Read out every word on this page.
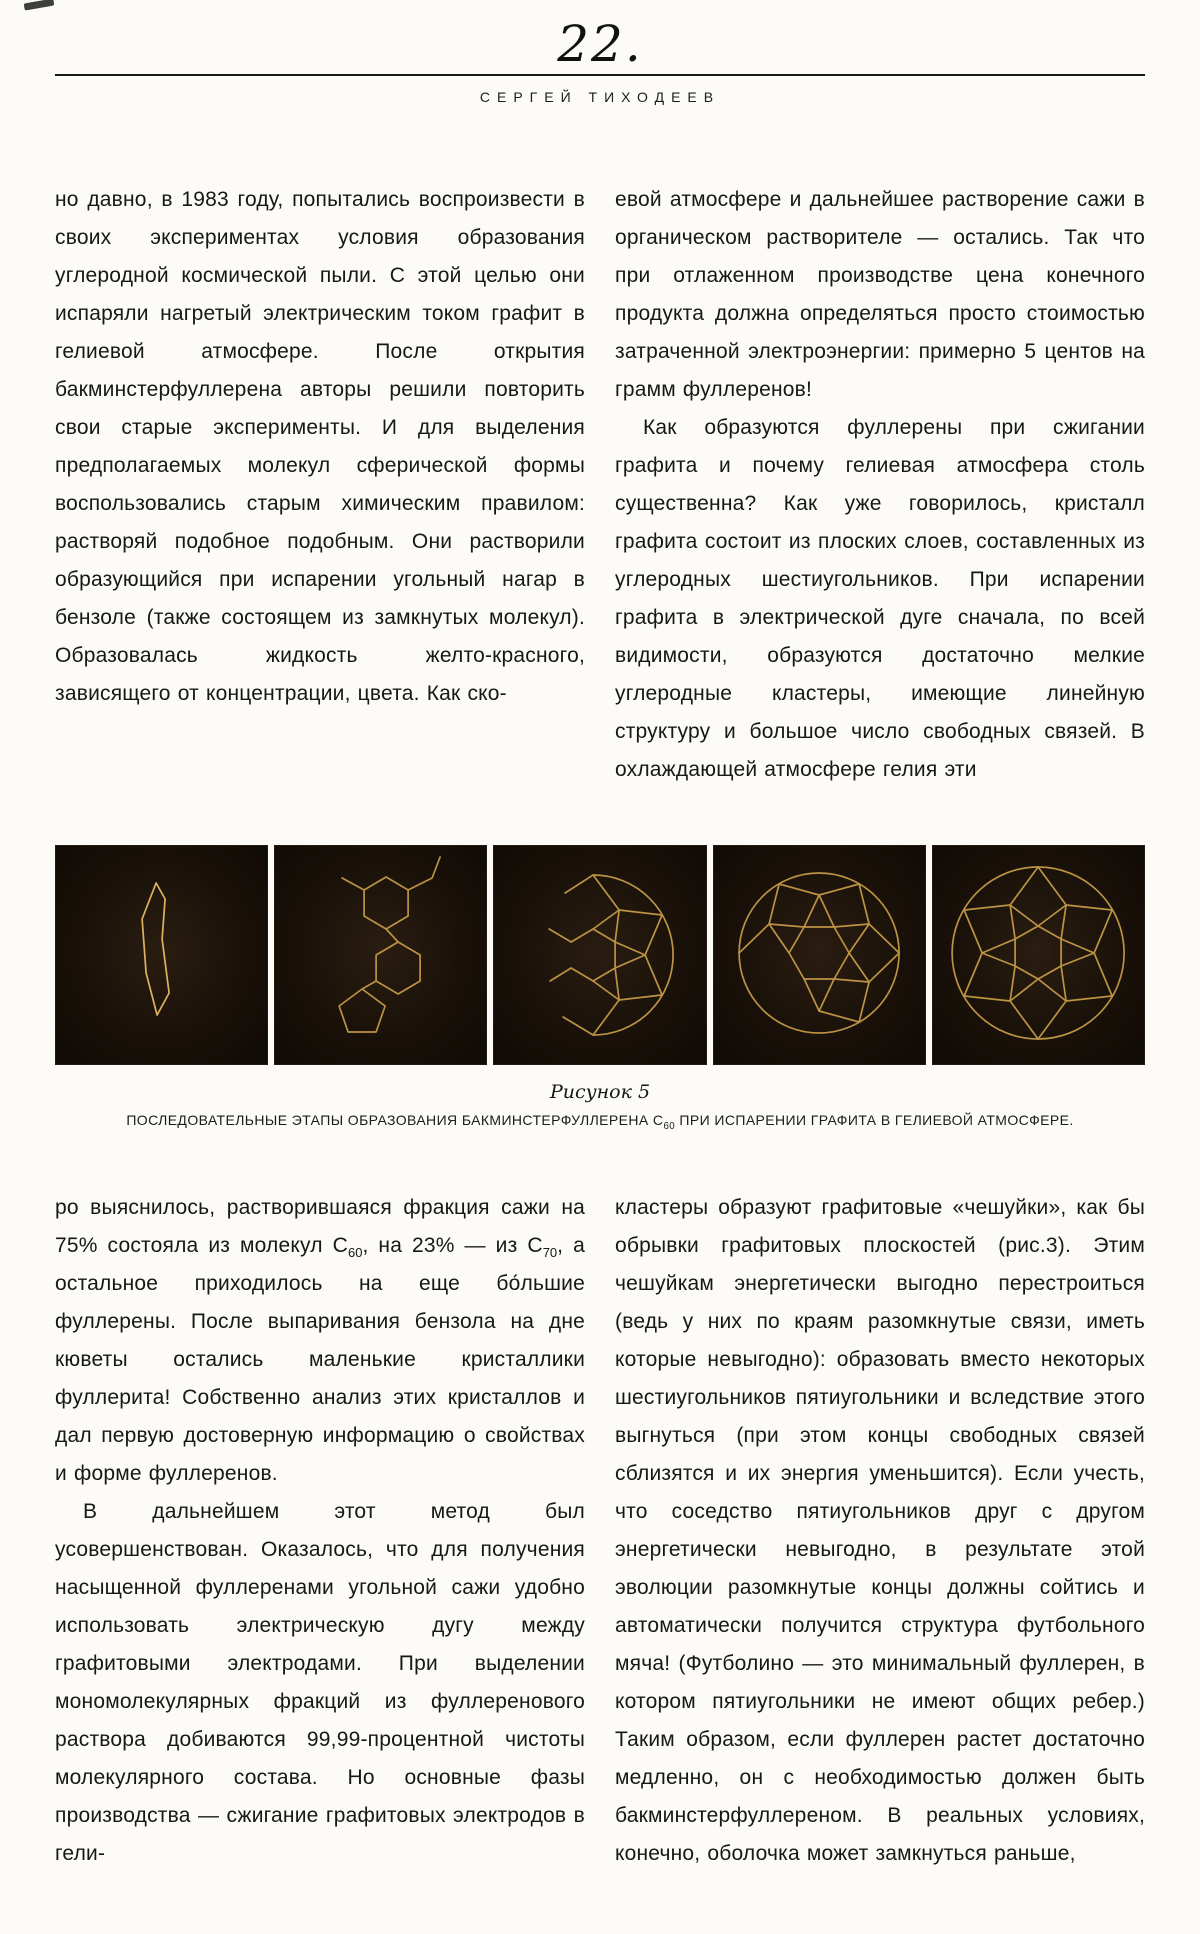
22.
СЕРГЕЙ ТИХОДЕЕВ

но давно, в 1983 году, попытались воспроизвести в своих экспериментах условия образования углеродной космической пыли. С этой целью они испаряли нагретый электрическим током графит в гелиевой атмосфере. После открытия бакминстерфуллерена авторы решили повторить свои старые эксперименты. И для выделения предполагаемых молекул сферической формы воспользовались старым химическим правилом: растворяй подобное подобным. Они растворили образующийся при испарении угольный нагар в бензоле (также состоящем из замкнутых молекул). Образовалась жидкость желто-красного, зависящего от концентрации, цвета. Как ско-

евой атмосфере и дальнейшее растворение сажи в органическом растворителе — остались. Так что при отлаженном производстве цена конечного продукта должна определяться просто стоимостью затраченной электроэнергии: примерно 5 центов на грамм фуллеренов!

Как образуются фуллерены при сжигании графита и почему гелиевая атмосфера столь существенна? Как уже говорилось, кристалл графита состоит из плоских слоев, составленных из углеродных шестиугольников. При испарении графита в электрической дуге сначала, по всей видимости, образуются достаточно мелкие углеродные кластеры, имеющие линейную структуру и большое число свободных связей. В охлаждающей атмосфере гелия эти

Рисунок 5
ПОСЛЕДОВАТЕЛЬНЫЕ ЭТАПЫ ОБРАЗОВАНИЯ БАКМИНСТЕРФУЛЛЕРЕНА $C_{60}$ ПРИ ИСПАРЕНИИ ГРАФИТА В ГЕЛИЕВОЙ АТМОСФЕРЕ.

ро выяснилось, растворившаяся фракция сажи на 75% состояла из молекул $C_{60}$, на 23% — из $C_{70}$, а остальное приходилось на еще бо́льшие фуллерены. После выпаривания бензола на дне кюветы остались маленькие кристаллики фуллерита! Собственно анализ этих кристаллов и дал первую достоверную информацию о свойствах и форме фуллеренов.

В дальнейшем этот метод был усовершенствован. Оказалось, что для получения насыщенной фуллеренами угольной сажи удобно использовать электрическую дугу между графитовыми электродами. При выделении мономолекулярных фракций из фуллеренового раствора добиваются 99,99-процентной чистоты молекулярного состава. Но основные фазы производства — сжигание графитовых электродов в гели-

кластеры образуют графитовые «чешуйки», как бы обрывки графитовых плоскостей (рис.3). Этим чешуйкам энергетически выгодно перестроиться (ведь у них по краям разомкнутые связи, иметь которые невыгодно): образовать вместо некоторых шестиугольников пятиугольники и вследствие этого выгнуться (при этом концы свободных связей сблизятся и их энергия уменьшится). Если учесть, что соседство пятиугольников друг с другом энергетически невыгодно, в результате этой эволюции разомкнутые концы должны сойтись и автоматически получится структура футбольного мяча! (Футболино — это минимальный фуллерен, в котором пятиугольники не имеют общих ребер.) Таким образом, если фуллерен растет достаточно медленно, он с необходимостью должен быть бакминстерфуллереном. В реальных условиях, конечно, оболочка может замкнуться раньше,
